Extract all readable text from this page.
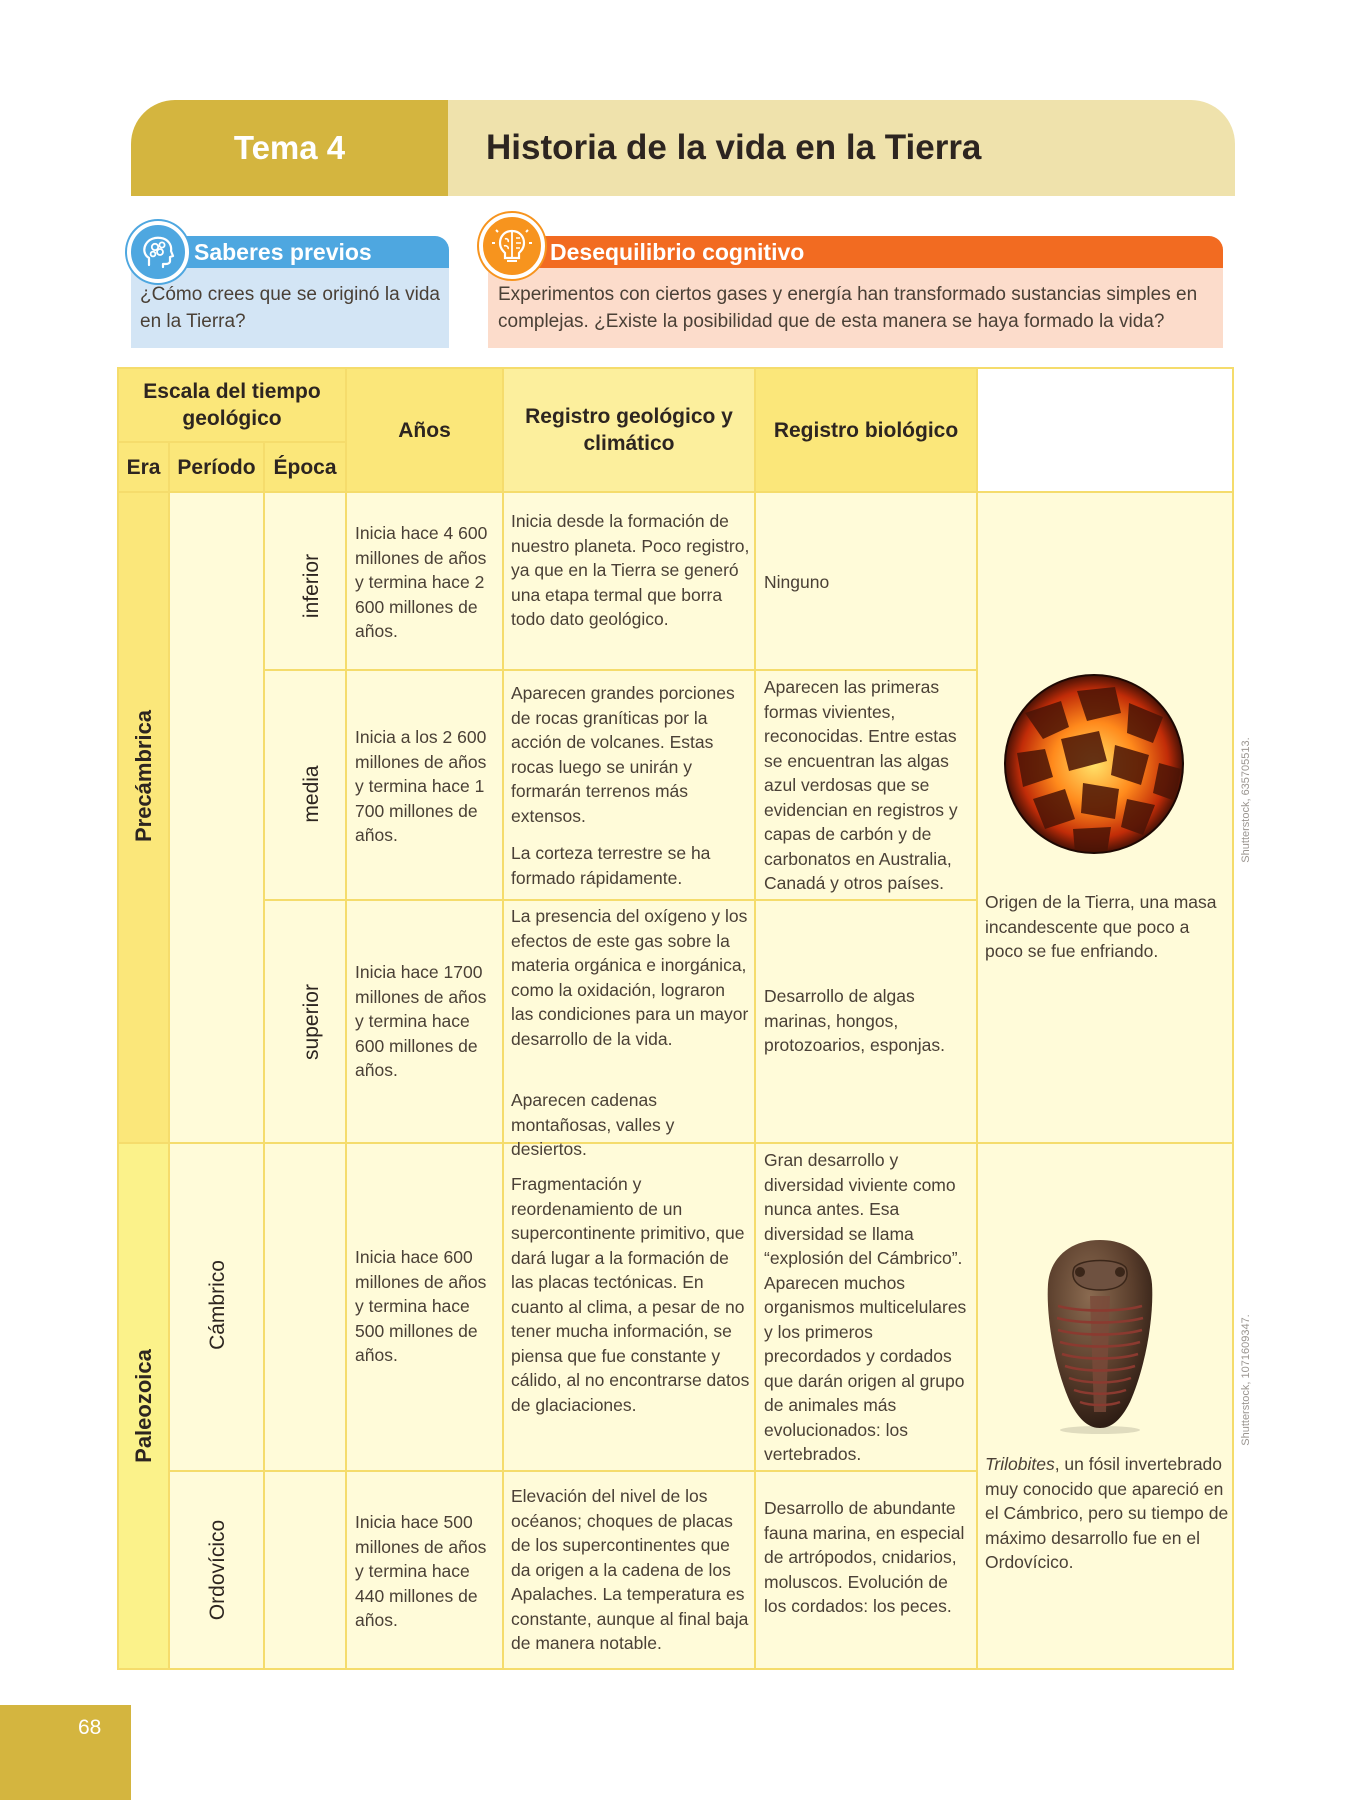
Tema 4	Historia de la vida en la Tierra
Saberes previos
¿Cómo crees que se originó la vida en la Tierra?
Desequilibrio cognitivo
Experimentos con ciertos gases y energía han transformado sustancias simples en complejas. ¿Existe la posibilidad que de esta manera se haya formado la vida?
Escala del tiempo geológico
Era Período Época
Años
Registro geológico y climático
Registro biológico
Precámbrica
Paleozoica
inferior
media
superior
Cámbrico
Ordovícico
Inicia hace 4 600 millones de años y termina hace 2 600 millones de años.
Inicia desde la formación de nuestro planeta. Poco registro, ya que en la Tierra se generó una etapa termal que borra todo dato geológico.
Ninguno
Inicia a los 2 600 millones de años y termina hace 1 700 millones de años.
Aparecen grandes porciones de rocas graníticas por la acción de volcanes. Estas rocas luego se unirán y formarán terrenos más extensos.
La corteza terrestre se ha formado rápidamente.
Aparecen las primeras formas vivientes, reconocidas. Entre estas se encuentran las algas azul verdosas que se evidencian en registros y capas de carbón y de carbonatos en Australia, Canadá y otros países.
Inicia hace 1700 millones de años y termina hace 600 millones de años.
La presencia del oxígeno y los efectos de este gas sobre la materia orgánica e inorgánica, como la oxidación, lograron las condiciones para un mayor desarrollo de la vida.
Aparecen cadenas montañosas, valles y desiertos.
Desarrollo de algas marinas, hongos, protozoarios, esponjas.
Inicia hace 600 millones de años y termina hace 500 millones de años.
Fragmentación y reordenamiento de un supercontinente primitivo, que dará lugar a la formación de las placas tectónicas. En cuanto al clima, a pesar de no tener mucha información, se piensa que fue constante y cálido, al no encontrarse datos de glaciaciones.
Gran desarrollo y diversidad viviente como nunca antes. Esa diversidad se llama “explosión del Cámbrico”. Aparecen muchos organismos multicelulares y los primeros precordados y cordados que darán origen al grupo de animales más evolucionados: los vertebrados.
Inicia hace 500 millones de años y termina hace 440 millones de años.
Elevación del nivel de los océanos; choques de placas de los supercontinentes que da origen a la cadena de los Apalaches. La temperatura es constante, aunque al final baja de manera notable.
Desarrollo de abundante fauna marina, en especial de artrópodos, cnidarios, moluscos. Evolución de los cordados: los peces.
Origen de la Tierra, una masa incandescente que poco a poco se fue enfriando.
Shutterstock, 635705513.
Trilobites, un fósil invertebrado muy conocido que apareció en el Cámbrico, pero su tiempo de máximo desarrollo fue en el Ordovícico.
Shutterstock, 1071609347.
68
